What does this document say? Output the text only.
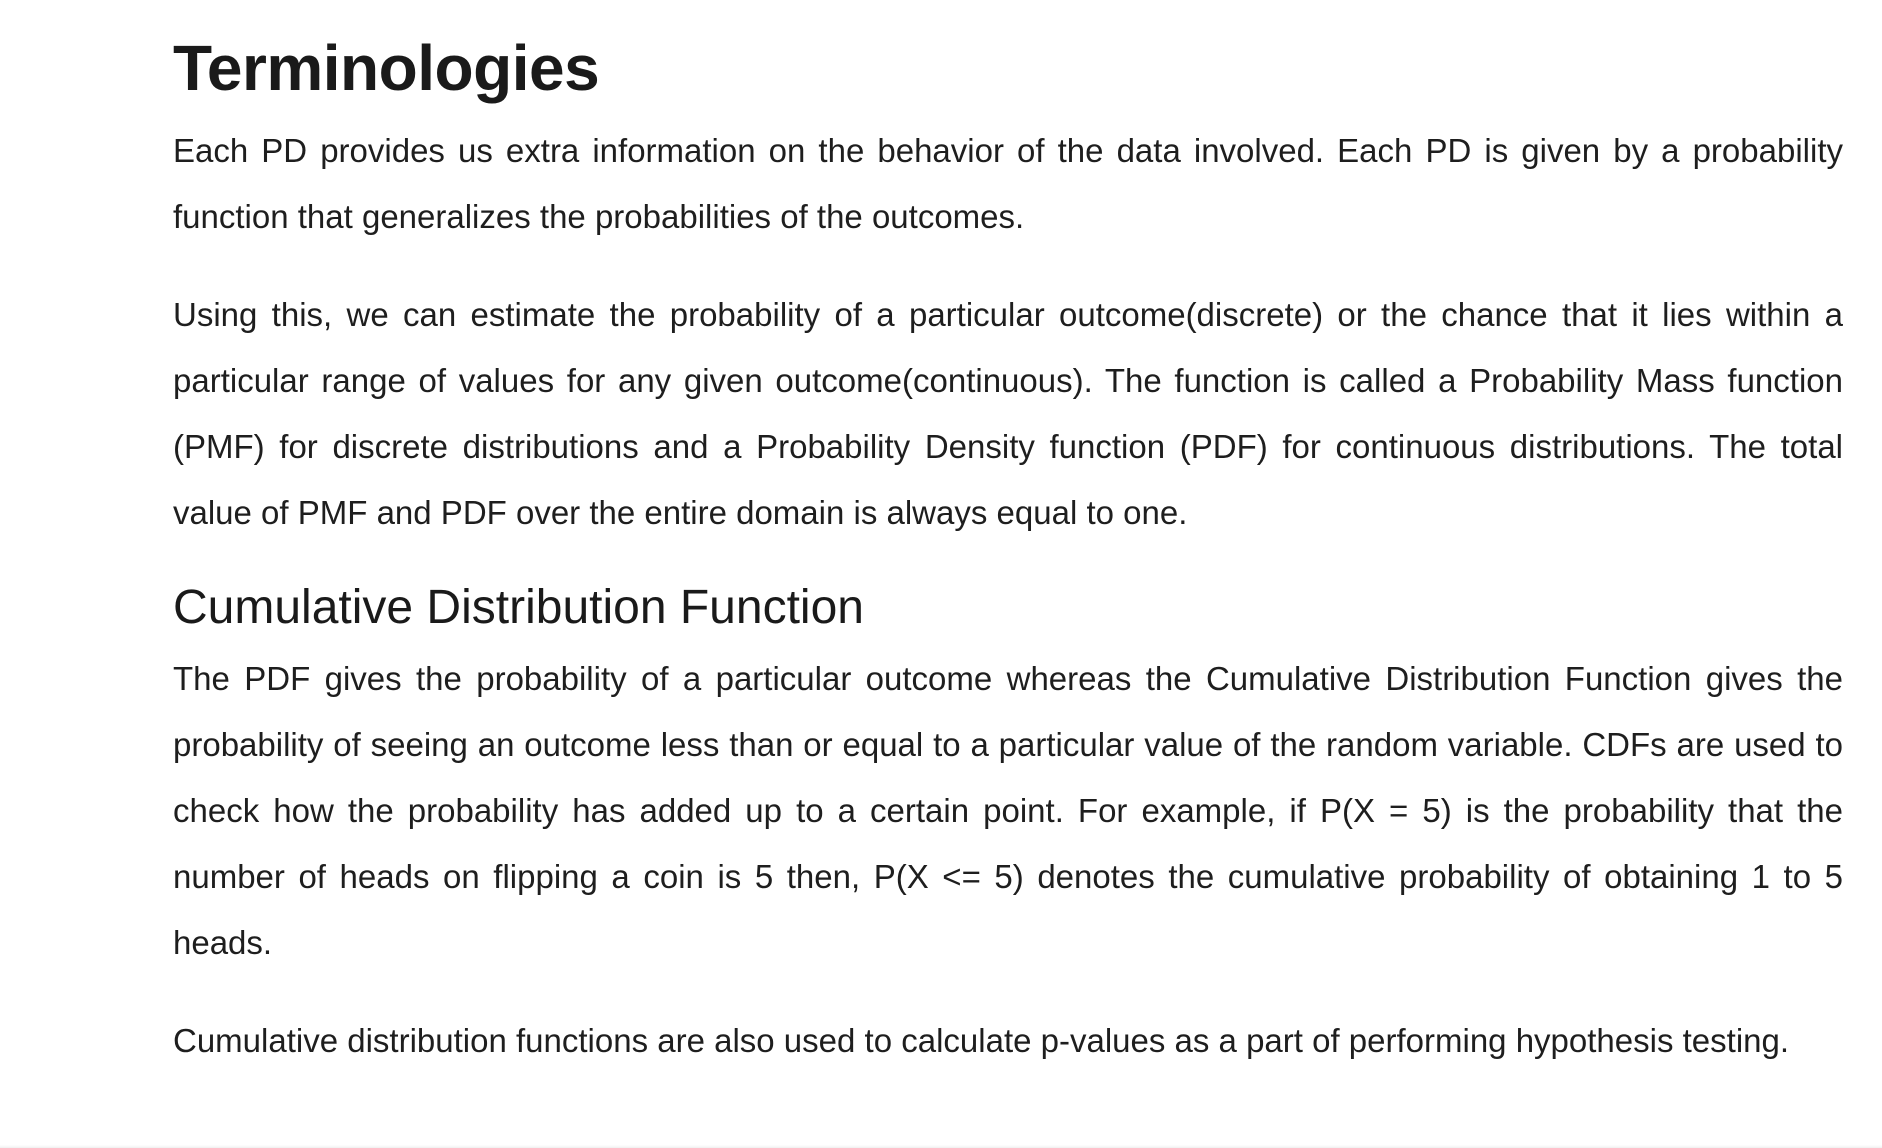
Terminologies

Each PD provides us extra information on the behavior of the data involved. Each PD is given by a probability function that generalizes the probabilities of the outcomes.

Using this, we can estimate the probability of a particular outcome(discrete) or the chance that it lies within a particular range of values for any given outcome(continuous). The function is called a Probability Mass function (PMF) for discrete distributions and a Probability Density function (PDF) for continuous distributions. The total value of PMF and PDF over the entire domain is always equal to one.

Cumulative Distribution Function

The PDF gives the probability of a particular outcome whereas the Cumulative Distribution Function gives the probability of seeing an outcome less than or equal to a particular value of the random variable. CDFs are used to check how the probability has added up to a certain point. For example, if P(X = 5) is the probability that the number of heads on flipping a coin is 5 then, P(X <= 5) denotes the cumulative probability of obtaining 1 to 5 heads.

Cumulative distribution functions are also used to calculate p-values as a part of performing hypothesis testing.
